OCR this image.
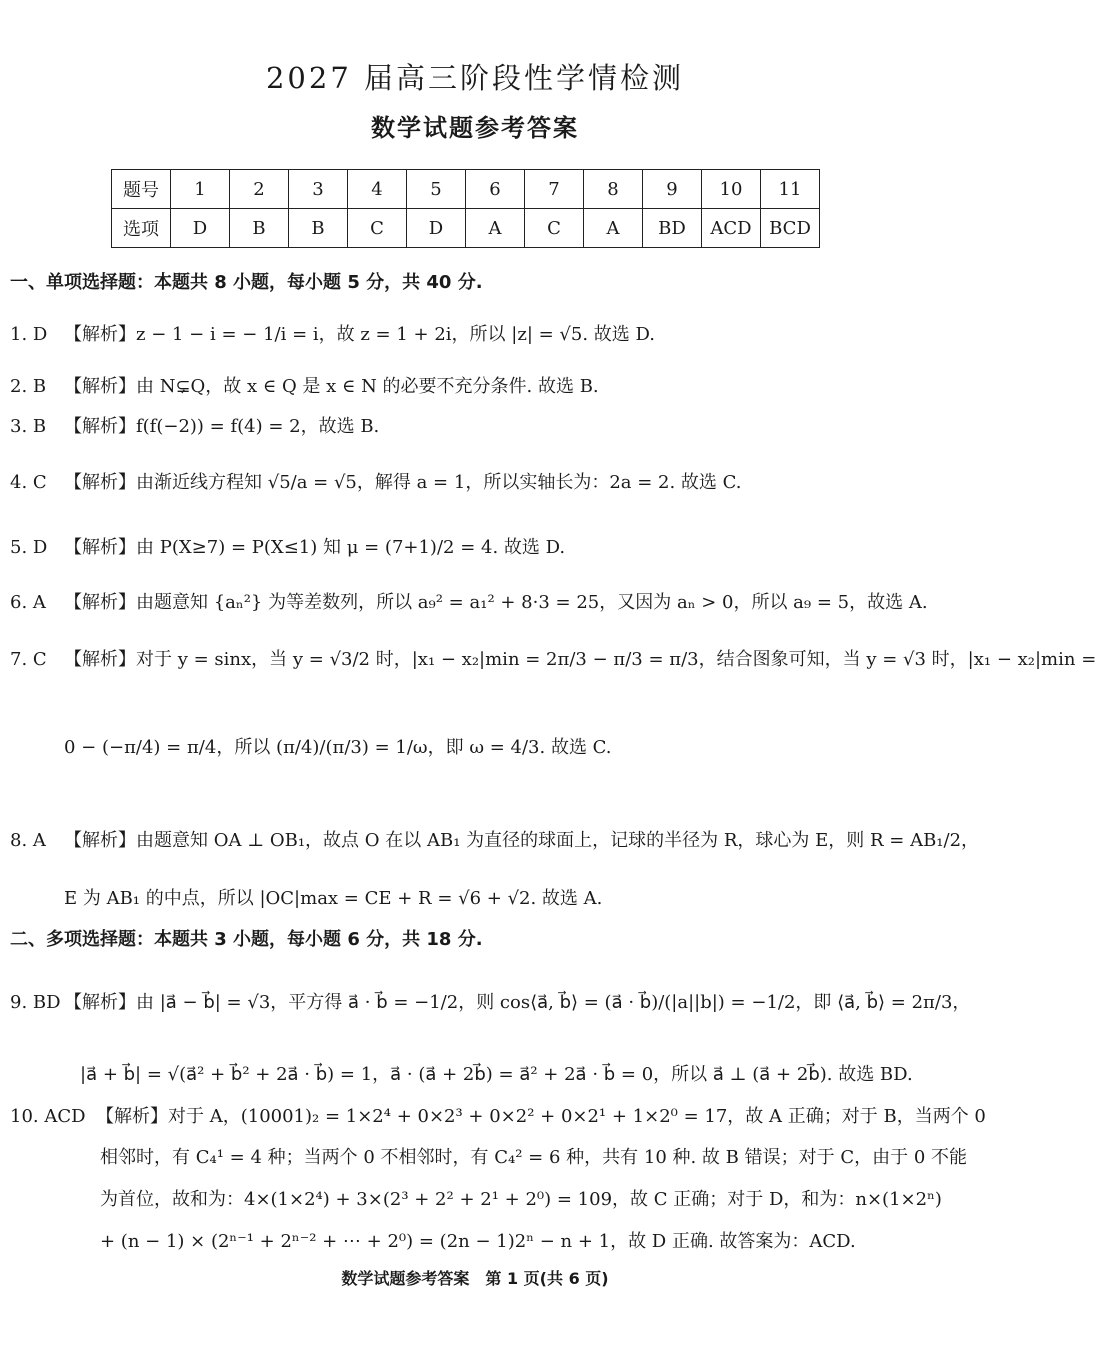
2027 届高三阶段性学情检测
数学试题参考答案
题号	1	2	3	4	5	6	7	8	9	10	11
选项	D	B	B	C	D	A	C	A	BD	ACD	BCD
一、单项选择题：本题共 8 小题，每小题 5 分，共 40 分.
1. D 【解析】z − 1 − i = − 1/i = i，故 z = 1 + 2i，所以 |z| = √5. 故选 D.
2. B 【解析】由 N⊊Q，故 x ∈ Q 是 x ∈ N 的必要不充分条件. 故选 B.
3. B 【解析】f(f(−2)) = f(4) = 2，故选 B.
4. C 【解析】由渐近线方程知 √5/a = √5，解得 a = 1，所以实轴长为：2a = 2. 故选 C.
5. D 【解析】由 P(X≥7) = P(X≤1) 知 μ = (7+1)/2 = 4. 故选 D.
6. A 【解析】由题意知 {aₙ²} 为等差数列，所以 a₉² = a₁² + 8·3 = 25，又因为 aₙ > 0，所以 a₉ = 5，故选 A.
7. C 【解析】对于 y = sinx，当 y = √3/2 时，|x₁ − x₂|min = 2π/3 − π/3 = π/3，结合图象可知，当 y = √3 时，|x₁ − x₂|min =
0 − (−π/4) = π/4，所以 (π/4)/(π/3) = 1/ω，即 ω = 4/3. 故选 C.
8. A 【解析】由题意知 OA ⊥ OB₁，故点 O 在以 AB₁ 为直径的球面上，记球的半径为 R，球心为 E，则 R = AB₁/2，
E 为 AB₁ 的中点，所以 |OC|max = CE + R = √6 + √2. 故选 A.
二、多项选择题：本题共 3 小题，每小题 6 分，共 18 分.
9. BD 【解析】由 |a⃗ − b⃗| = √3，平方得 a⃗ · b⃗ = −1/2，则 cos⟨a⃗, b⃗⟩ = (a⃗ · b⃗)/(|a||b|) = −1/2，即 ⟨a⃗, b⃗⟩ = 2π/3，
|a⃗ + b⃗| = √(a⃗² + b⃗² + 2a⃗ · b⃗) = 1，a⃗ · (a⃗ + 2b⃗) = a⃗² + 2a⃗ · b⃗ = 0，所以 a⃗ ⊥ (a⃗ + 2b⃗). 故选 BD.
10. ACD 【解析】对于 A，(10001)₂ = 1×2⁴ + 0×2³ + 0×2² + 0×2¹ + 1×2⁰ = 17，故 A 正确；对于 B，当两个 0
相邻时，有 C₄¹ = 4 种；当两个 0 不相邻时，有 C₄² = 6 种，共有 10 种. 故 B 错误；对于 C，由于 0 不能
为首位，故和为：4×(1×2⁴) + 3×(2³ + 2² + 2¹ + 2⁰) = 109，故 C 正确；对于 D，和为：n×(1×2ⁿ)
+ (n − 1) × (2ⁿ⁻¹ + 2ⁿ⁻² + ⋯ + 2⁰) = (2n − 1)2ⁿ − n + 1，故 D 正确. 故答案为：ACD.
数学试题参考答案　第 1 页(共 6 页)
